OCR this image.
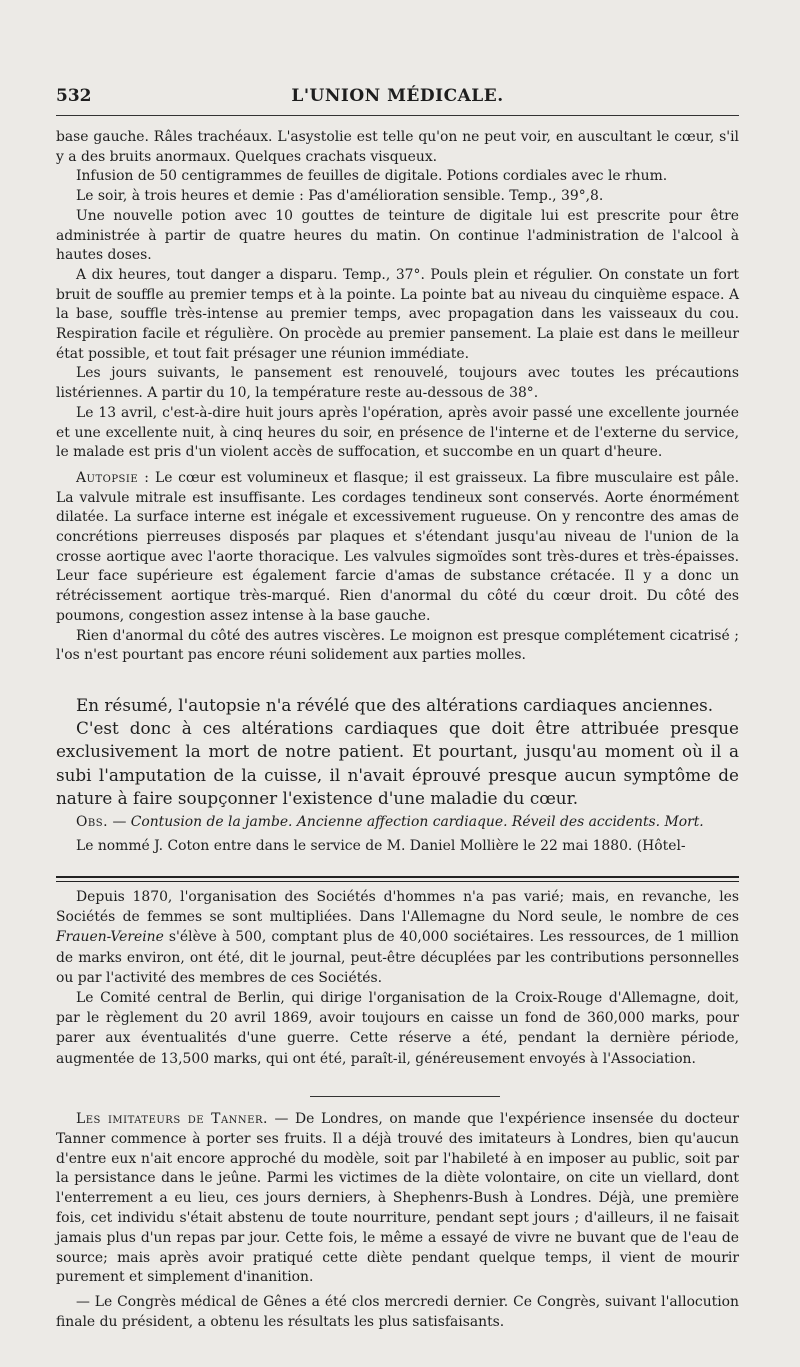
532	L'UNION MÉDICALE.

base gauche. Râles trachéaux. L'asystolie est telle qu'on ne peut voir, en auscultant le cœur, s'il y a des bruits anormaux. Quelques crachats visqueux.

Infusion de 50 centigrammes de feuilles de digitale. Potions cordiales avec le rhum.

Le soir, à trois heures et demie : Pas d'amélioration sensible. Temp., 39°,8.

Une nouvelle potion avec 10 gouttes de teinture de digitale lui est prescrite pour être administrée à partir de quatre heures du matin. On continue l'administration de l'alcool à hautes doses.

A dix heures, tout danger a disparu. Temp., 37°. Pouls plein et régulier. On constate un fort bruit de souffle au premier temps et à la pointe. La pointe bat au niveau du cinquième espace. A la base, souffle très-intense au premier temps, avec propagation dans les vaisseaux du cou. Respiration facile et régulière. On procède au premier pansement. La plaie est dans le meilleur état possible, et tout fait présager une réunion immédiate.

Les jours suivants, le pansement est renouvelé, toujours avec toutes les précautions listériennes. A partir du 10, la température reste au-dessous de 38°.

Le 13 avril, c'est-à-dire huit jours après l'opération, après avoir passé une excellente journée et une excellente nuit, à cinq heures du soir, en présence de l'interne et de l'externe du service, le malade est pris d'un violent accès de suffocation, et succombe en un quart d'heure.

Autopsie : Le cœur est volumineux et flasque; il est graisseux. La fibre musculaire est pâle. La valvule mitrale est insuffisante. Les cordages tendineux sont conservés. Aorte énormément dilatée. La surface interne est inégale et excessivement rugueuse. On y rencontre des amas de concrétions pierreuses disposés par plaques et s'étendant jusqu'au niveau de l'union de la crosse aortique avec l'aorte thoracique. Les valvules sigmoïdes sont très-dures et très-épaisses. Leur face supérieure est également farcie d'amas de substance crétacée. Il y a donc un rétrécissement aortique très-marqué. Rien d'anormal du côté du cœur droit. Du côté des poumons, congestion assez intense à la base gauche.

Rien d'anormal du côté des autres viscères. Le moignon est presque complétement cicatrisé ; l'os n'est pourtant pas encore réuni solidement aux parties molles.

En résumé, l'autopsie n'a révélé que des altérations cardiaques anciennes.

C'est donc à ces altérations cardiaques que doit être attribuée presque exclusivement la mort de notre patient. Et pourtant, jusqu'au moment où il a subi l'amputation de la cuisse, il n'avait éprouvé presque aucun symptôme de nature à faire soupçonner l'existence d'une maladie du cœur.

Obs. — Contusion de la jambe. Ancienne affection cardiaque. Réveil des accidents. Mort.

Le nommé J. Coton entre dans le service de M. Daniel Mollière le 22 mai 1880. (Hôtel-

Depuis 1870, l'organisation des Sociétés d'hommes n'a pas varié; mais, en revanche, les Sociétés de femmes se sont multipliées. Dans l'Allemagne du Nord seule, le nombre de ces Frauen-Vereine s'élève à 500, comptant plus de 40,000 sociétaires. Les ressources, de 1 million de marks environ, ont été, dit le journal, peut-être décuplées par les contributions personnelles ou par l'activité des membres de ces Sociétés.

Le Comité central de Berlin, qui dirige l'organisation de la Croix-Rouge d'Allemagne, doit, par le règlement du 20 avril 1869, avoir toujours en caisse un fond de 360,000 marks, pour parer aux éventualités d'une guerre. Cette réserve a été, pendant la dernière période, augmentée de 13,500 marks, qui ont été, paraît-il, généreusement envoyés à l'Association.

Les imitateurs de Tanner. — De Londres, on mande que l'expérience insensée du docteur Tanner commence à porter ses fruits. Il a déjà trouvé des imitateurs à Londres, bien qu'aucun d'entre eux n'ait encore approché du modèle, soit par l'habileté à en imposer au public, soit par la persistance dans le jeûne. Parmi les victimes de la diète volontaire, on cite un viellard, dont l'enterrement a eu lieu, ces jours derniers, à Shephenrs-Bush à Londres. Déjà, une première fois, cet individu s'était abstenu de toute nourriture, pendant sept jours ; d'ailleurs, il ne faisait jamais plus d'un repas par jour. Cette fois, le même a essayé de vivre ne buvant que de l'eau de source; mais après avoir pratiqué cette diète pendant quelque temps, il vient de mourir purement et simplement d'inanition.

— Le Congrès médical de Gênes a été clos mercredi dernier. Ce Congrès, suivant l'allocution finale du président, a obtenu les résultats les plus satisfaisants.
